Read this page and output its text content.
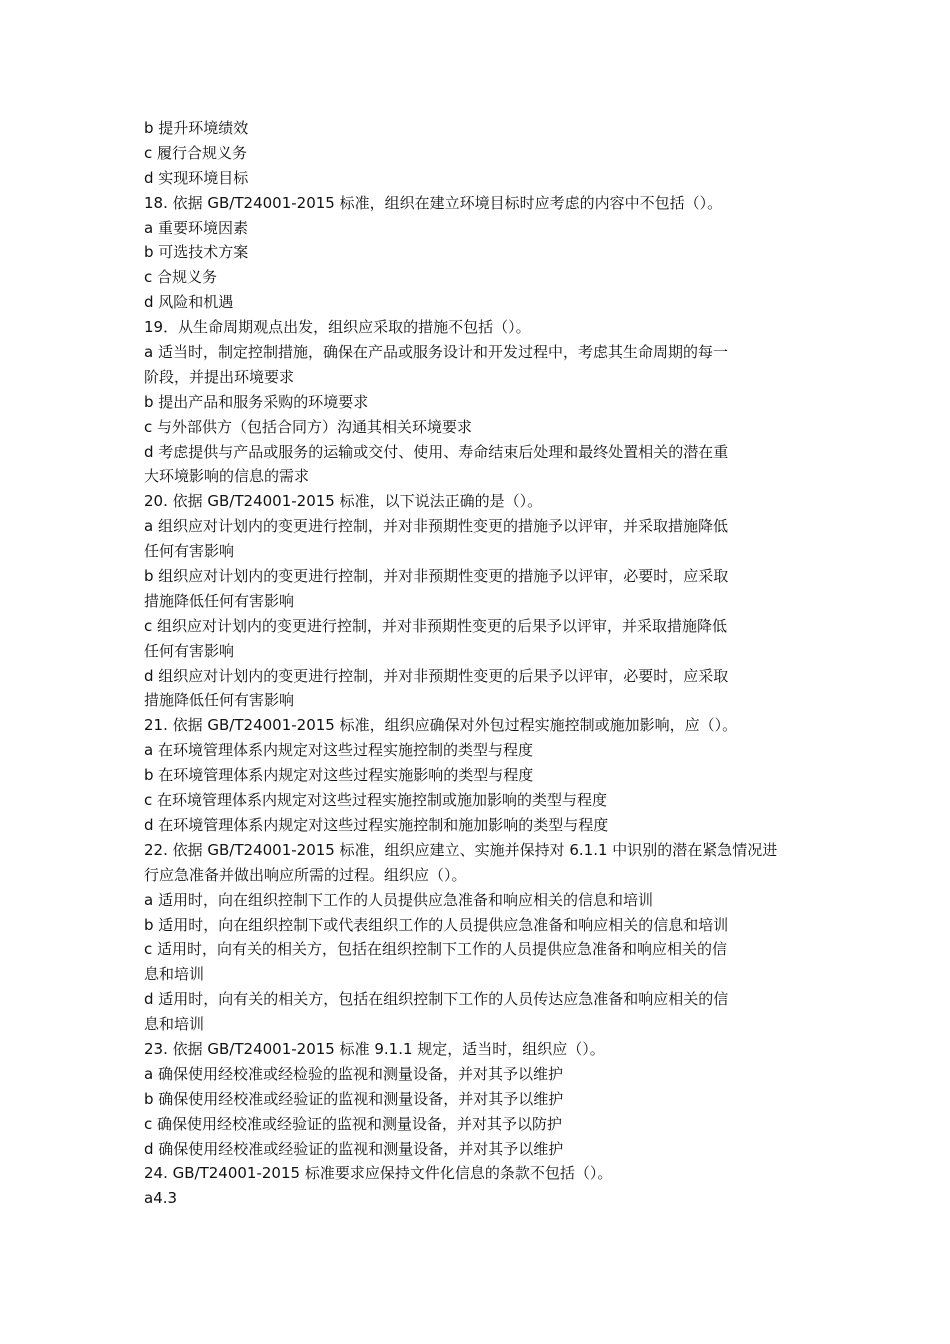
b 提升环境绩效
c 履行合规义务
d 实现环境目标
18. 依据 GB/T24001-2015 标准，组织在建立环境目标时应考虑的内容中不包括（）。
a 重要环境因素
b 可选技术方案
c 合规义务
d 风险和机遇
19．从生命周期观点出发，组织应采取的措施不包括（）。
a 适当时，制定控制措施，确保在产品或服务设计和开发过程中，考虑其生命周期的每一
阶段，并提出环境要求
b 提出产品和服务采购的环境要求
c 与外部供方（包括合同方）沟通其相关环境要求
d 考虑提供与产品或服务的运输或交付、使用、寿命结束后处理和最终处置相关的潜在重
大环境影响的信息的需求
20. 依据 GB/T24001-2015 标准，以下说法正确的是（）。
a 组织应对计划内的变更进行控制，并对非预期性变更的措施予以评审，并采取措施降低
任何有害影响
b 组织应对计划内的变更进行控制，并对非预期性变更的措施予以评审，必要时，应采取
措施降低任何有害影响
c 组织应对计划内的变更进行控制，并对非预期性变更的后果予以评审，并采取措施降低
任何有害影响
d 组织应对计划内的变更进行控制，并对非预期性变更的后果予以评审，必要时，应采取
措施降低任何有害影响
21. 依据 GB/T24001-2015 标准，组织应确保对外包过程实施控制或施加影响，应（）。
a 在环境管理体系内规定对这些过程实施控制的类型与程度
b 在环境管理体系内规定对这些过程实施影响的类型与程度
c 在环境管理体系内规定对这些过程实施控制或施加影响的类型与程度
d 在环境管理体系内规定对这些过程实施控制和施加影响的类型与程度
22. 依据 GB/T24001-2015 标准，组织应建立、实施并保持对 6.1.1 中识别的潜在紧急情况进
行应急准备并做出响应所需的过程。组织应（）。
a 适用时，向在组织控制下工作的人员提供应急准备和响应相关的信息和培训
b 适用时，向在组织控制下或代表组织工作的人员提供应急准备和响应相关的信息和培训
c 适用时，向有关的相关方，包括在组织控制下工作的人员提供应急准备和响应相关的信
息和培训
d 适用时，向有关的相关方，包括在组织控制下工作的人员传达应急准备和响应相关的信
息和培训
23. 依据 GB/T24001-2015 标准 9.1.1 规定，适当时，组织应（）。
a 确保使用经校准或经检验的监视和测量设备，并对其予以维护
b 确保使用经校准或经验证的监视和测量设备，并对其予以维护
c 确保使用经校准或经验证的监视和测量设备，并对其予以防护
d 确保使用经校准或经验证的监视和测量设备，并对其予以维护
24. GB/T24001-2015 标准要求应保持文件化信息的条款不包括（）。
a4.3
